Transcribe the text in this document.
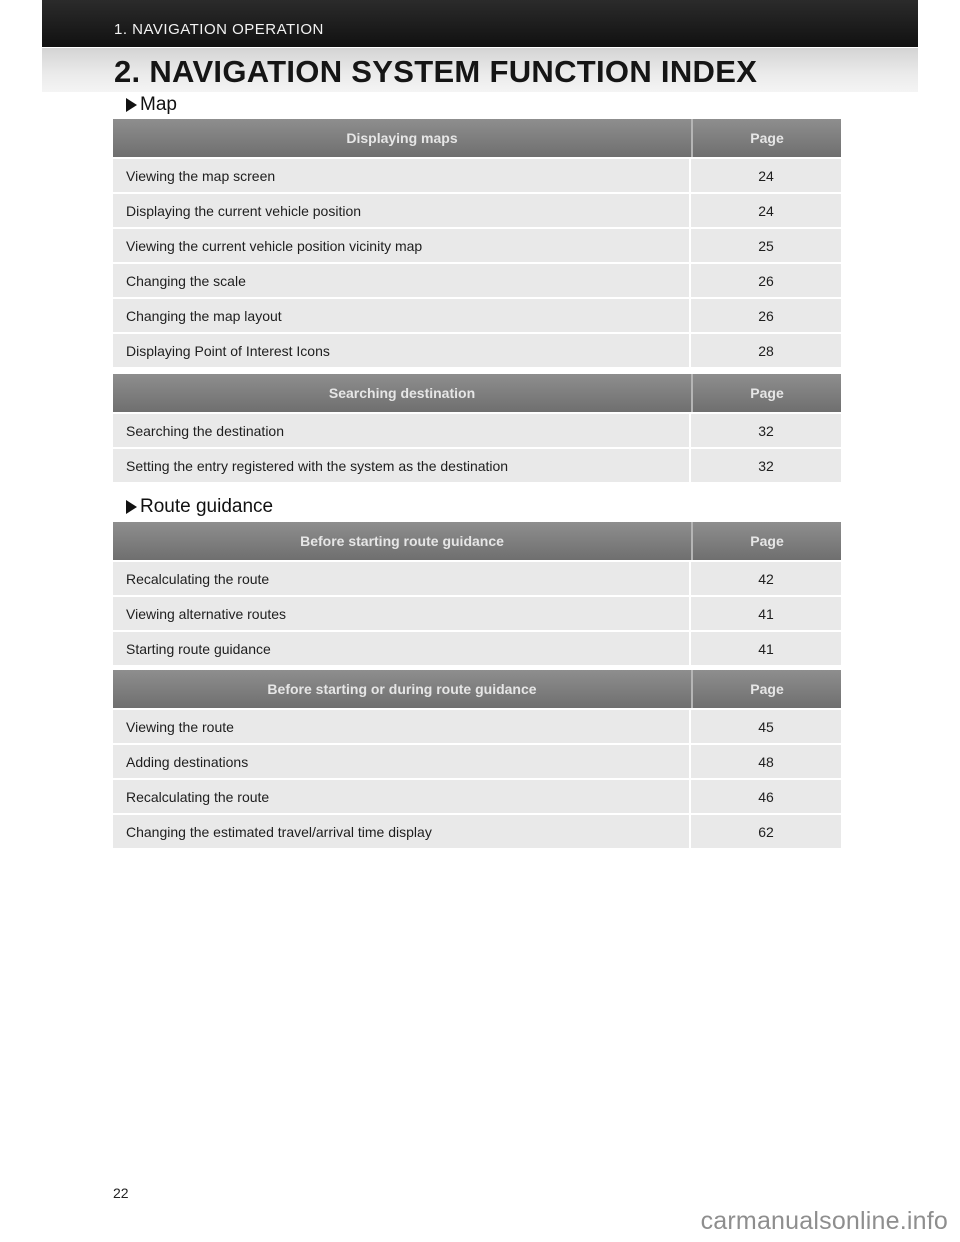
1. NAVIGATION OPERATION
2. NAVIGATION SYSTEM FUNCTION INDEX
Map
Displaying maps	Page
Viewing the map screen	24
Displaying the current vehicle position	24
Viewing the current vehicle position vicinity map	25
Changing the scale	26
Changing the map layout	26
Displaying Point of Interest Icons	28
Searching destination	Page
Searching the destination	32
Setting the entry registered with the system as the destination	32
Route guidance
Before starting route guidance	Page
Recalculating the route	42
Viewing alternative routes	41
Starting route guidance	41
Before starting or during route guidance	Page
Viewing the route	45
Adding destinations	48
Recalculating the route	46
Changing the estimated travel/arrival time display	62
22
carmanualsonline.info
